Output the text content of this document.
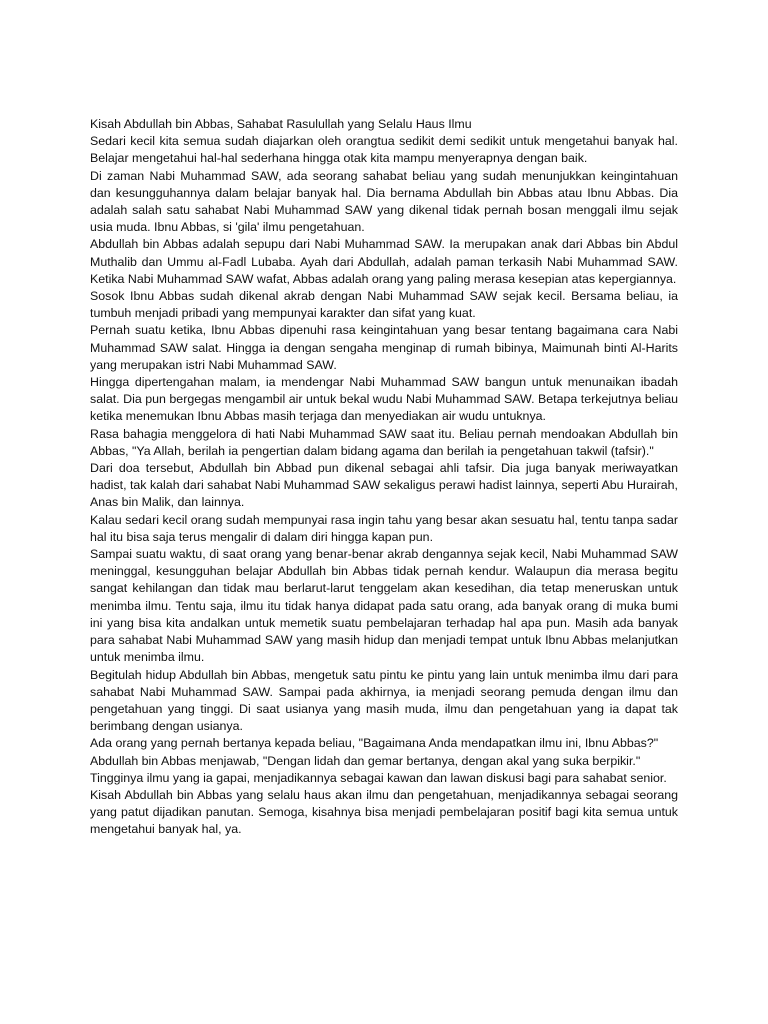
Kisah Abdullah bin Abbas, Sahabat Rasulullah yang Selalu Haus Ilmu

Sedari kecil kita semua sudah diajarkan oleh orangtua sedikit demi sedikit untuk mengetahui banyak hal. Belajar mengetahui hal-hal sederhana hingga otak kita mampu menyerapnya dengan baik.

Di zaman Nabi Muhammad SAW, ada seorang sahabat beliau yang sudah menunjukkan keingintahuan dan kesungguhannya dalam belajar banyak hal. Dia bernama Abdullah bin Abbas atau Ibnu Abbas. Dia adalah salah satu sahabat Nabi Muhammad SAW yang dikenal tidak pernah bosan menggali ilmu sejak usia muda. Ibnu Abbas, si 'gila' ilmu pengetahuan.

Abdullah bin Abbas adalah sepupu dari Nabi Muhammad SAW. Ia merupakan anak dari Abbas bin Abdul Muthalib dan Ummu al-Fadl Lubaba. Ayah dari Abdullah, adalah paman terkasih Nabi Muhammad SAW. Ketika Nabi Muhammad SAW wafat, Abbas adalah orang yang paling merasa kesepian atas kepergiannya.

Sosok Ibnu Abbas sudah dikenal akrab dengan Nabi Muhammad SAW sejak kecil. Bersama beliau, ia tumbuh menjadi pribadi yang mempunyai karakter dan sifat yang kuat.

Pernah suatu ketika, Ibnu Abbas dipenuhi rasa keingintahuan yang besar tentang bagaimana cara Nabi Muhammad SAW salat. Hingga ia dengan sengaha menginap di rumah bibinya, Maimunah binti Al-Harits yang merupakan istri Nabi Muhammad SAW.

Hingga dipertengahan malam, ia mendengar Nabi Muhammad SAW bangun untuk menunaikan ibadah salat. Dia pun bergegas mengambil air untuk bekal wudu Nabi Muhammad SAW. Betapa terkejutnya beliau ketika menemukan Ibnu Abbas masih terjaga dan menyediakan air wudu untuknya.

Rasa bahagia menggelora di hati Nabi Muhammad SAW saat itu. Beliau pernah mendoakan Abdullah bin Abbas, "Ya Allah, berilah ia pengertian dalam bidang agama dan berilah ia pengetahuan takwil (tafsir)."

Dari doa tersebut, Abdullah bin Abbad pun dikenal sebagai ahli tafsir. Dia juga banyak meriwayatkan hadist, tak kalah dari sahabat Nabi Muhammad SAW sekaligus perawi hadist lainnya, seperti Abu Hurairah, Anas bin Malik, dan lainnya.

Kalau sedari kecil orang sudah mempunyai rasa ingin tahu yang besar akan sesuatu hal, tentu tanpa sadar hal itu bisa saja terus mengalir di dalam diri hingga kapan pun.

Sampai suatu waktu, di saat orang yang benar-benar akrab dengannya sejak kecil, Nabi Muhammad SAW meninggal, kesungguhan belajar Abdullah bin Abbas tidak pernah kendur. Walaupun dia merasa begitu sangat kehilangan dan tidak mau berlarut-larut tenggelam akan kesedihan, dia tetap meneruskan untuk menimba ilmu. Tentu saja, ilmu itu tidak hanya didapat pada satu orang, ada banyak orang di muka bumi ini yang bisa kita andalkan untuk memetik suatu pembelajaran terhadap hal apa pun. Masih ada banyak para sahabat Nabi Muhammad SAW yang masih hidup dan menjadi tempat untuk Ibnu Abbas melanjutkan untuk menimba ilmu.

Begitulah hidup Abdullah bin Abbas, mengetuk satu pintu ke pintu yang lain untuk menimba ilmu dari para sahabat Nabi Muhammad SAW. Sampai pada akhirnya, ia menjadi seorang pemuda dengan ilmu dan pengetahuan yang tinggi. Di saat usianya yang masih muda, ilmu dan pengetahuan yang ia dapat tak berimbang dengan usianya.

Ada orang yang pernah bertanya kepada beliau, "Bagaimana Anda mendapatkan ilmu ini, Ibnu Abbas?"

Abdullah bin Abbas menjawab, "Dengan lidah dan gemar bertanya, dengan akal yang suka berpikir."

Tingginya ilmu yang ia gapai, menjadikannya sebagai kawan dan lawan diskusi bagi para sahabat senior.

Kisah Abdullah bin Abbas yang selalu haus akan ilmu dan pengetahuan, menjadikannya sebagai seorang yang patut dijadikan panutan. Semoga, kisahnya bisa menjadi pembelajaran positif bagi kita semua untuk mengetahui banyak hal, ya.
